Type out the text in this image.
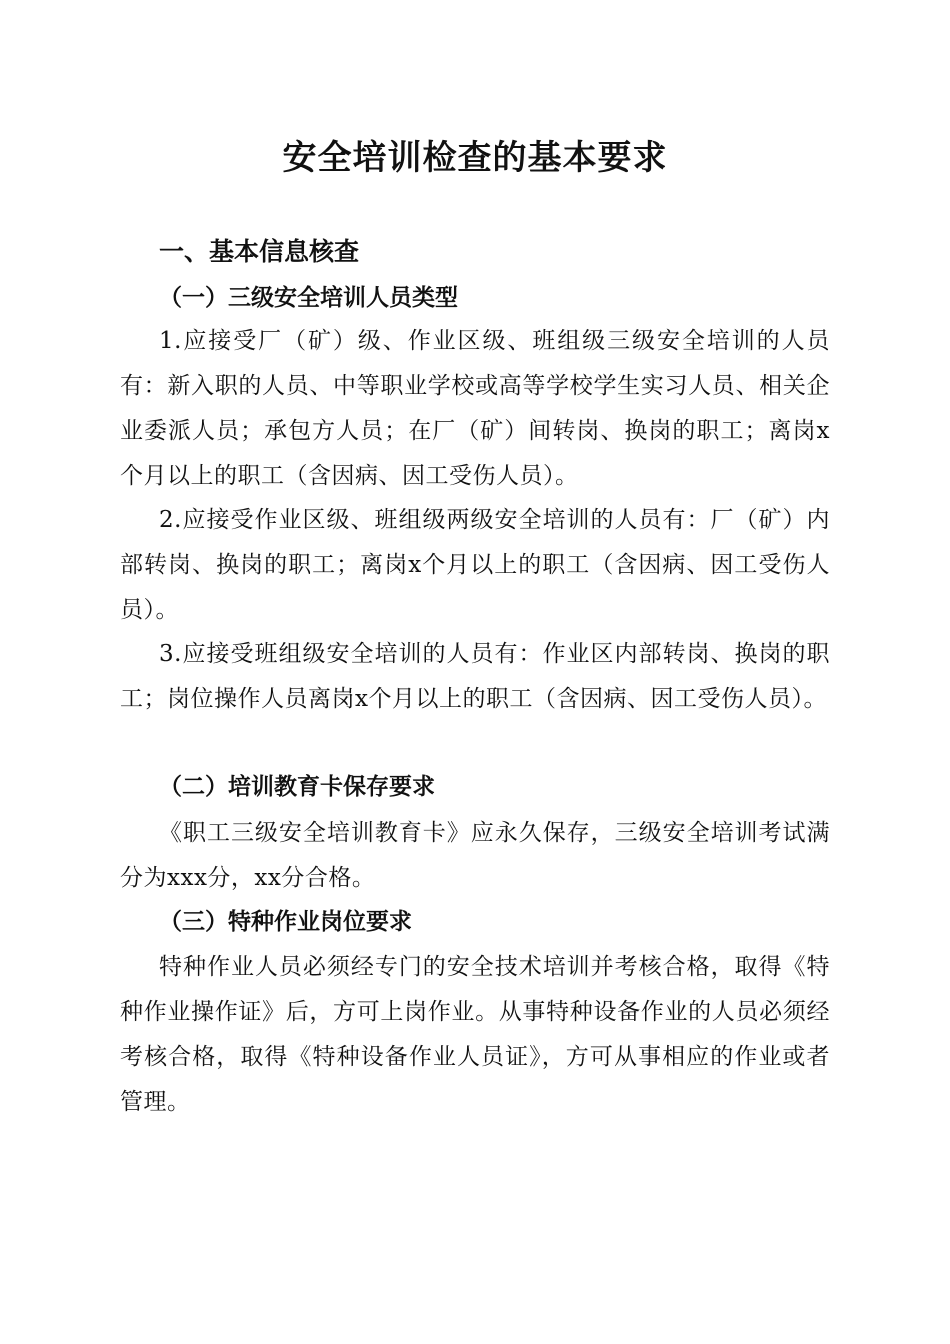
安全培训检查的基本要求
一、基本信息核查
（一）三级安全培训人员类型
1.应接受厂（矿）级、作业区级、班组级三级安全培训的人员有：新入职的人员、中等职业学校或高等学校学生实习人员、相关企业委派人员；承包方人员；在厂（矿）间转岗、换岗的职工；离岗x个月以上的职工（含因病、因工受伤人员）。
2.应接受作业区级、班组级两级安全培训的人员有：厂（矿）内部转岗、换岗的职工；离岗x个月以上的职工（含因病、因工受伤人员）。
3.应接受班组级安全培训的人员有：作业区内部转岗、换岗的职工；岗位操作人员离岗x个月以上的职工（含因病、因工受伤人员）。
（二）培训教育卡保存要求
《职工三级安全培训教育卡》应永久保存，三级安全培训考试满分为xxx分，xx分合格。
（三）特种作业岗位要求
特种作业人员必须经专门的安全技术培训并考核合格，取得《特种作业操作证》后，方可上岗作业。从事特种设备作业的人员必须经考核合格，取得《特种设备作业人员证》，方可从事相应的作业或者管理。
